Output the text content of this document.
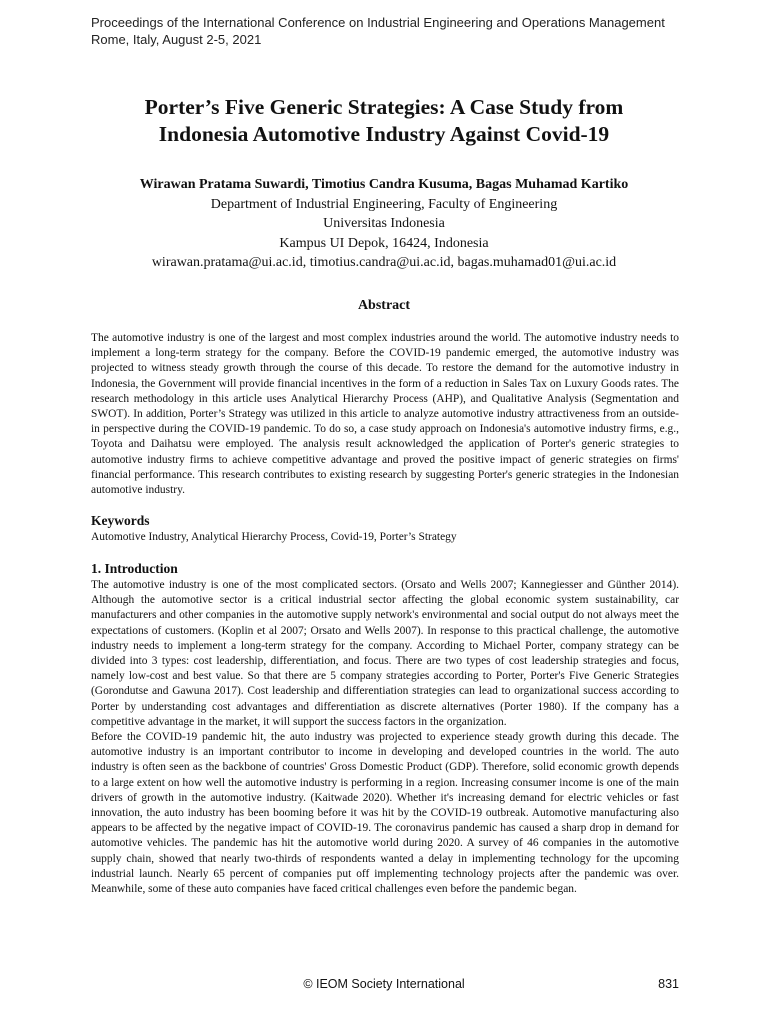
Proceedings of the International Conference on Industrial Engineering and Operations Management
Rome, Italy, August 2-5, 2021
Porter’s Five Generic Strategies: A Case Study from
Indonesia Automotive Industry Against Covid-19
Wirawan Pratama Suwardi, Timotius Candra Kusuma, Bagas Muhamad Kartiko
Department of Industrial Engineering, Faculty of Engineering
Universitas Indonesia
Kampus UI Depok, 16424, Indonesia
wirawan.pratama@ui.ac.id, timotius.candra@ui.ac.id, bagas.muhamad01@ui.ac.id
Abstract

The automotive industry is one of the largest and most complex industries around the world. The automotive industry needs to implement a long-term strategy for the company. Before the COVID-19 pandemic emerged, the automotive industry was projected to witness steady growth through the course of this decade. To restore the demand for the automotive industry in Indonesia, the Government will provide financial incentives in the form of a reduction in Sales Tax on Luxury Goods rates. The research methodology in this article uses Analytical Hierarchy Process (AHP), and Qualitative Analysis (Segmentation and SWOT). In addition, Porter’s Strategy was utilized in this article to analyze automotive industry attractiveness from an outside-in perspective during the COVID-19 pandemic. To do so, a case study approach on Indonesia's automotive industry firms, e.g., Toyota and Daihatsu were employed. The analysis result acknowledged the application of Porter's generic strategies to automotive industry firms to achieve competitive advantage and proved the positive impact of generic strategies on firms' financial performance. This research contributes to existing research by suggesting Porter's generic strategies in the Indonesian automotive industry.

Keywords
Automotive Industry, Analytical Hierarchy Process, Covid-19, Porter’s Strategy
1. Introduction

The automotive industry is one of the most complicated sectors. (Orsato and Wells 2007; Kannegiesser and Günther 2014). Although the automotive sector is a critical industrial sector affecting the global economic system sustainability, car manufacturers and other companies in the automotive supply network's environmental and social output do not always meet the expectations of customers. (Koplin et al 2007; Orsato and Wells 2007). In response to this practical challenge, the automotive industry needs to implement a long-term strategy for the company. According to Michael Porter, company strategy can be divided into 3 types: cost leadership, differentiation, and focus. There are two types of cost leadership strategies and focus, namely low-cost and best value. So that there are 5 company strategies according to Porter, Porter's Five Generic Strategies (Gorondutse and Gawuna 2017). Cost leadership and differentiation strategies can lead to organizational success according to Porter by understanding cost advantages and differentiation as discrete alternatives (Porter 1980). If the company has a competitive advantage in the market, it will support the success factors in the organization.

Before the COVID-19 pandemic hit, the auto industry was projected to experience steady growth during this decade. The automotive industry is an important contributor to income in developing and developed countries in the world. The auto industry is often seen as the backbone of countries' Gross Domestic Product (GDP). Therefore, solid economic growth depends to a large extent on how well the automotive industry is performing in a region. Increasing consumer income is one of the main drivers of growth in the automotive industry. (Kaitwade 2020). Whether it's increasing demand for electric vehicles or fast innovation, the auto industry has been booming before it was hit by the COVID-19 outbreak. Automotive manufacturing also appears to be affected by the negative impact of COVID-19. The coronavirus pandemic has caused a sharp drop in demand for automotive vehicles. The pandemic has hit the automotive world during 2020. A survey of 46 companies in the automotive supply chain, showed that nearly two-thirds of respondents wanted a delay in implementing technology for the upcoming industrial launch. Nearly 65 percent of companies put off implementing technology projects after the pandemic was over. Meanwhile, some of these auto companies have faced critical challenges even before the pandemic began.

© IEOM Society International	831
